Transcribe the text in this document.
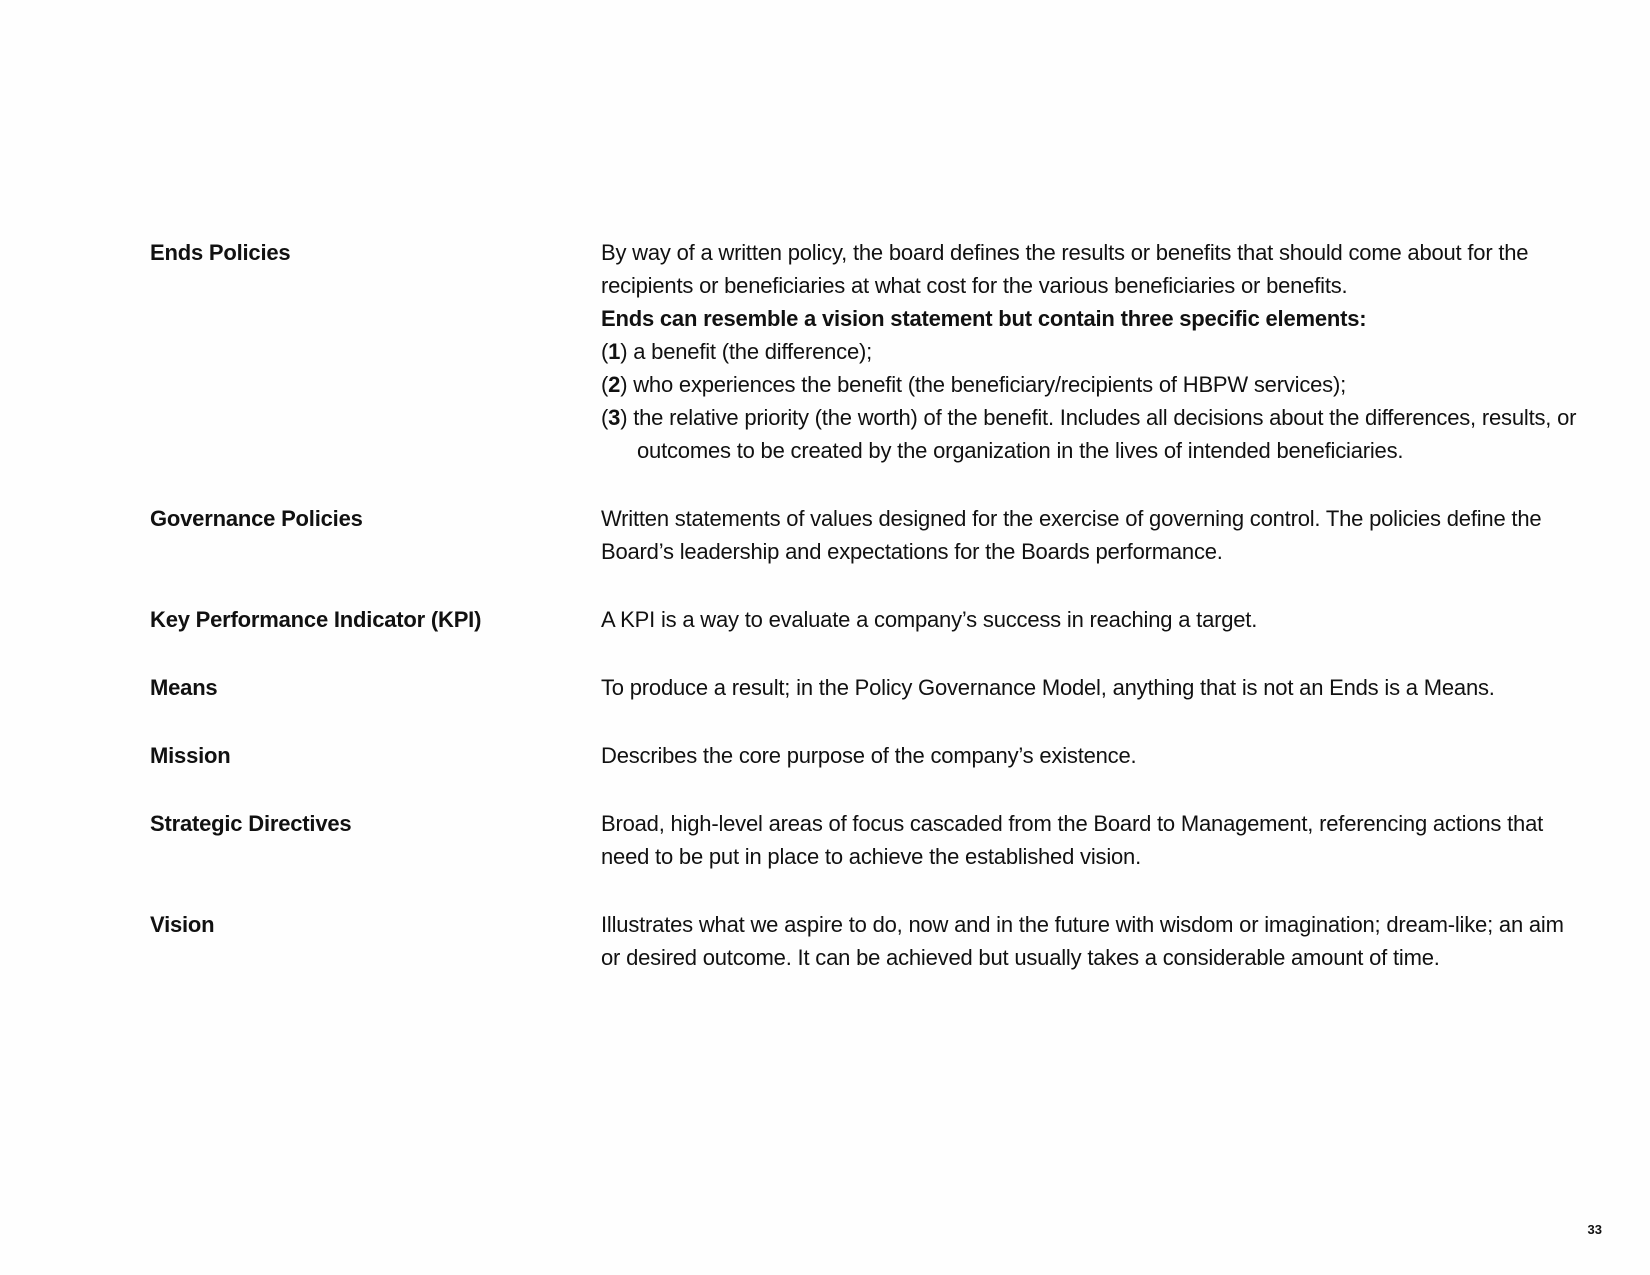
Ends Policies	By way of a written policy, the board defines the results or benefits that should come about for the recipients or beneficiaries at what cost for the various beneficiaries or benefits.

Ends can resemble a vision statement but contain three specific elements:

(1) a benefit (the difference);

(2) who experiences the benefit (the beneficiary/recipients of HBPW services);

(3) the relative priority (the worth) of the benefit. Includes all decisions about the differences, results, or outcomes to be created by the organization in the lives of intended beneficiaries.

Governance Policies	Written statements of values designed for the exercise of governing control. The policies define the Board’s leadership and expectations for the Boards performance.
Key Performance Indicator (KPI)	A KPI is a way to evaluate a company’s success in reaching a target.
Means	To produce a result; in the Policy Governance Model, anything that is not an Ends is a Means.
Mission	Describes the core purpose of the company’s existence.
Strategic Directives	Broad, high-level areas of focus cascaded from the Board to Management, referencing actions that need to be put in place to achieve the established vision.
Vision	Illustrates what we aspire to do, now and in the future with wisdom or imagination; dream-like; an aim or desired outcome. It can be achieved but usually takes a considerable amount of time.
33
